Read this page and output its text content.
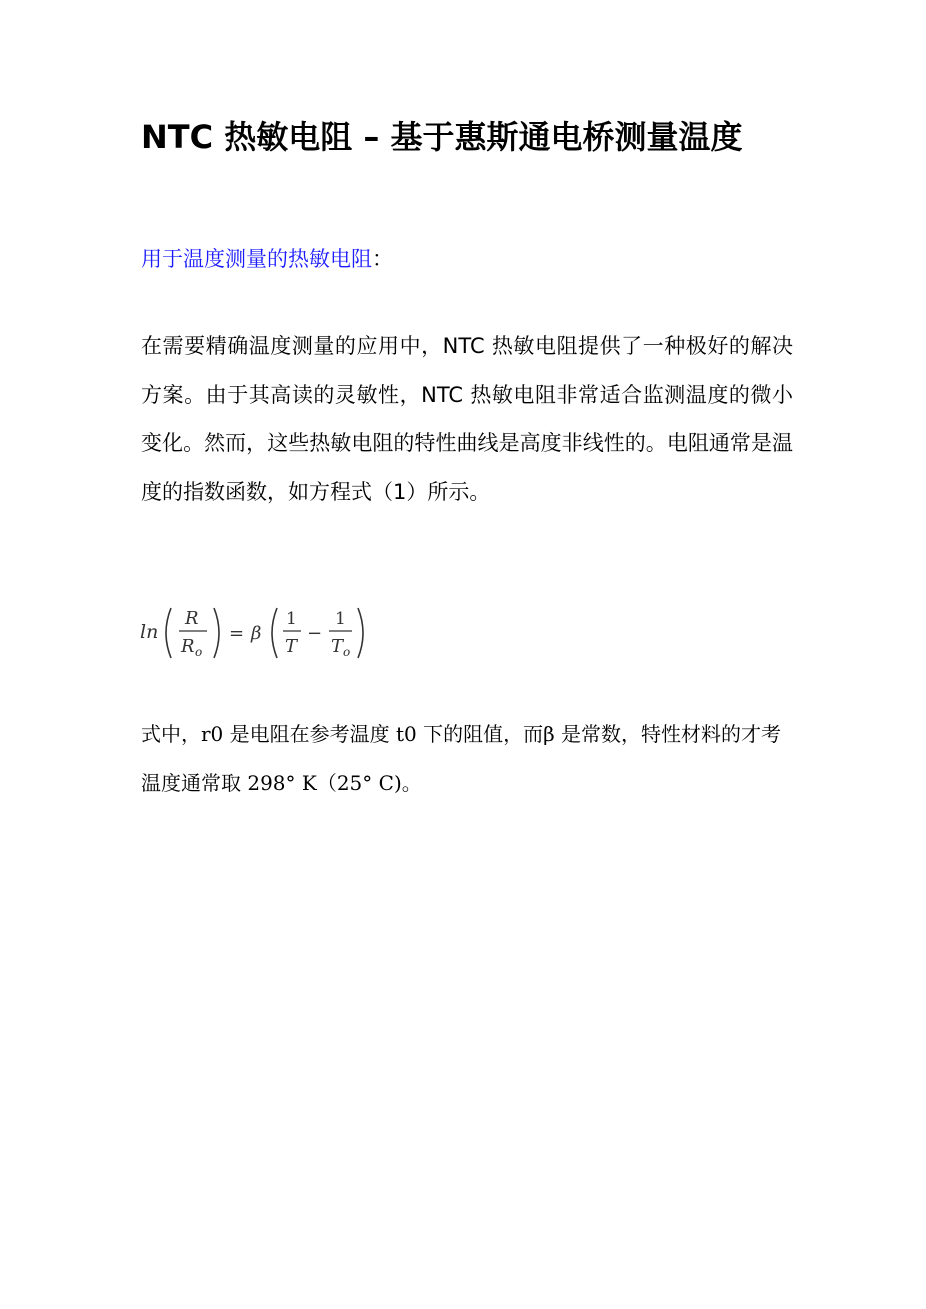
NTC 热敏电阻 – 基于惠斯通电桥测量温度
用于温度测量的热敏电阻：
在需要精确温度测量的应用中，NTC 热敏电阻提供了一种极好的解决方案。由于其高读的灵敏性，NTC 热敏电阻非常适合监测温度的微小变化。然而，这些热敏电阻的特性曲线是高度非线性的。电阻通常是温度的指数函数，如方程式（1）所示。
ln
R
R o
= β
1
T
−
1
T o
式中，r0 是电阻在参考温度 t0 下的阻值，而β 是常数，特性材料的才考温度通常取 298° K（25° C)。
